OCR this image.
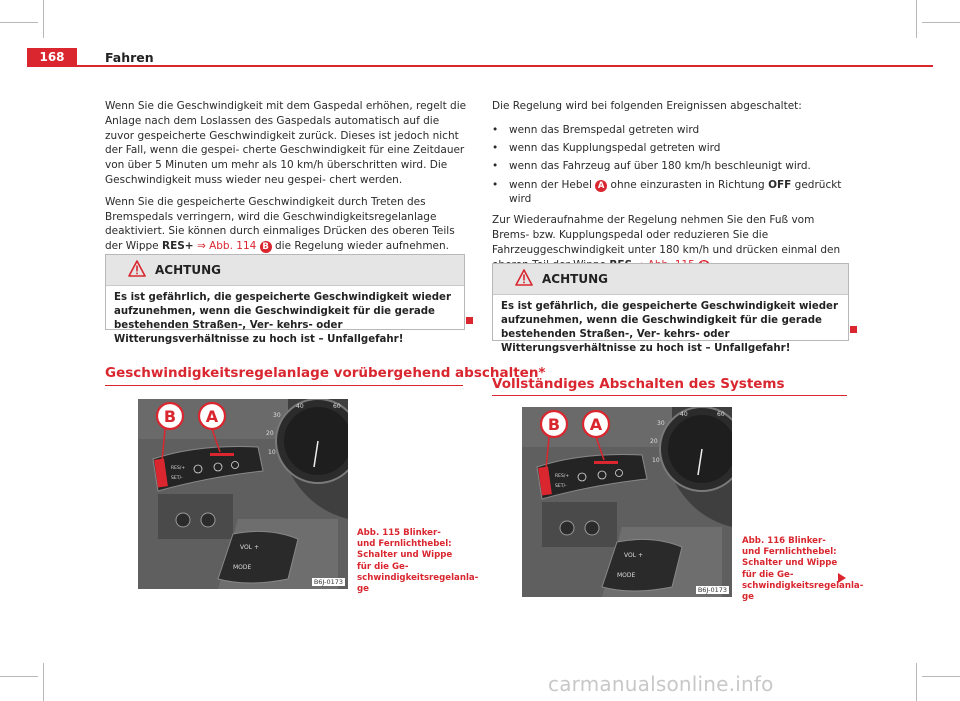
168	Fahren

Wenn Sie die Geschwindigkeit mit dem Gaspedal erhöhen, regelt die Anlage nach dem Loslassen des Gaspedals automatisch auf die zuvor gespeicherte Geschwindigkeit zurück. Dieses ist jedoch nicht der Fall, wenn die gespei- cherte Geschwindigkeit für eine Zeitdauer von über 5 Minuten um mehr als 10 km/h überschritten wird. Die Geschwindigkeit muss wieder neu gespei- chert werden.

Wenn Sie die gespeicherte Geschwindigkeit durch Treten des Bremspedals verringern, wird die Geschwindigkeitsregelanlage deaktiviert. Sie können durch einmaliges Drücken des oberen Teils der Wippe RES+ ⇒ Abb. 114 B die Regelung wieder aufnehmen.

ACHTUNG
Es ist gefährlich, die gespeicherte Geschwindigkeit wieder aufzunehmen, wenn die Geschwindigkeit für die gerade bestehenden Straßen-, Ver- kehrs- oder Witterungsverhältnisse zu hoch ist – Unfallgefahr!
Geschwindigkeitsregelanlage vorübergehend abschalten*
30
20
10
40	60
RES/+
SET/-
VOL +
MODE
B A
B6J-0173
Abb. 115 Blinker- und Fernlichthebel: Schalter und Wippe für die Ge- schwindigkeitsregelanla- ge

Die Regelung wird bei folgenden Ereignissen abgeschaltet:

• wenn das Bremspedal getreten wird
• wenn das Kupplungspedal getreten wird
• wenn das Fahrzeug auf über 180 km/h beschleunigt wird.
• wenn der Hebel A ohne einzurasten in Richtung OFF gedrückt wird

Zur Wiederaufnahme der Regelung nehmen Sie den Fuß vom Brems- bzw. Kupplungspedal oder reduzieren Sie die Fahrzeuggeschwindigkeit unter 180 km/h und drücken einmal den

ACHTUNG
Es ist gefährlich, die gespeicherte Geschwindigkeit wieder aufzunehmen, wenn die Geschwindigkeit für die gerade bestehenden Straßen-, Ver- kehrs- oder Witterungsverhältnisse zu hoch ist – Unfallgefahr!
Vollständiges Abschalten des Systems
30
20
10
40	60
RES/+
SET/-
VOL +
MODE
B A
B6J-0173
Abb. 116 Blinker- und Fernlichthebel: Schalter und Wippe für die Ge- schwindigkeitsregelanla- ge
carmanualsonline.info
